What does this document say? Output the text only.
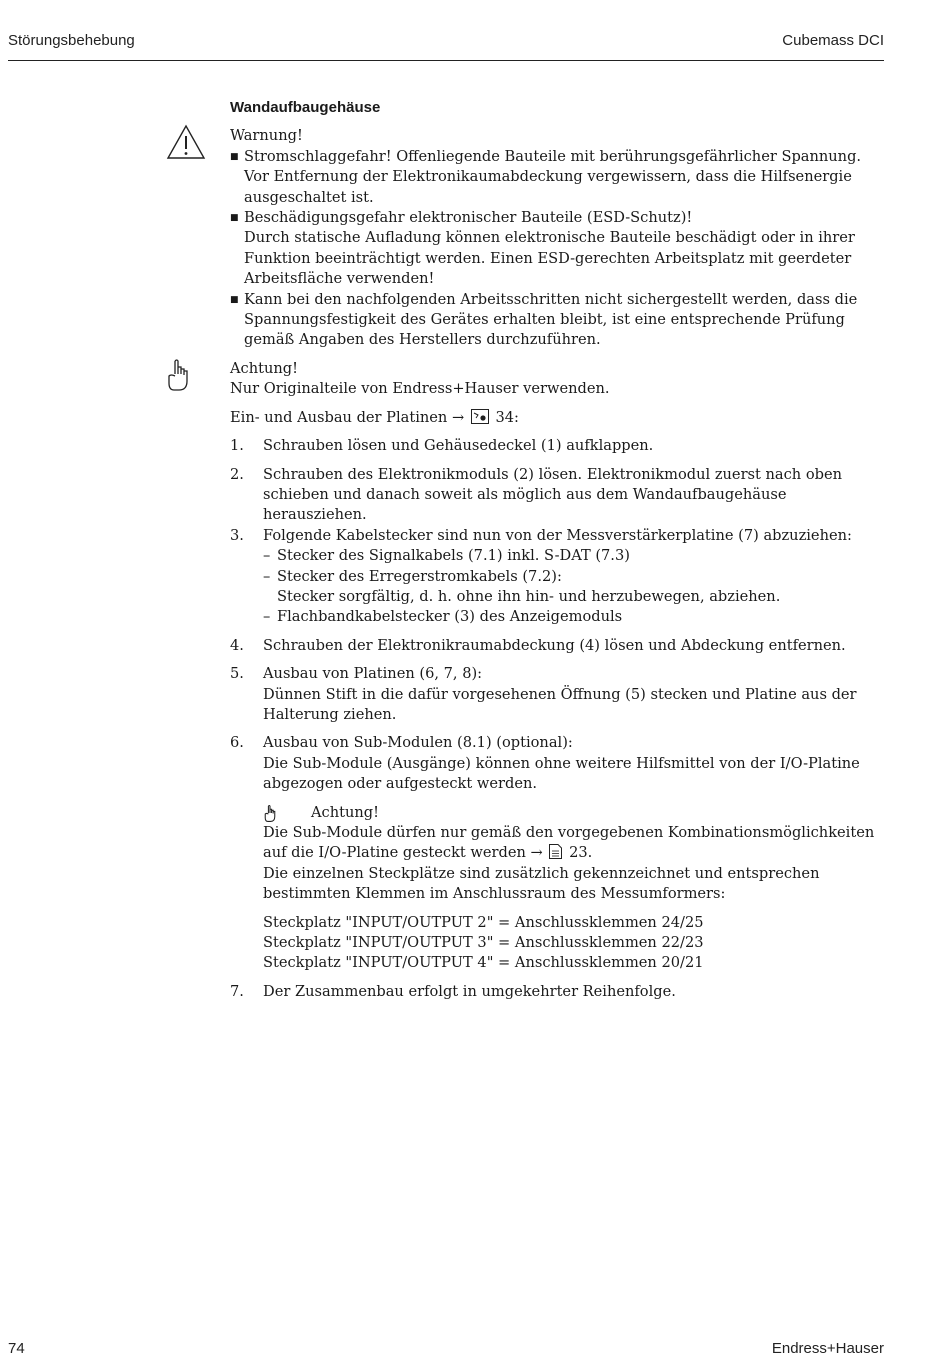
Störungsbehebung	Cubemass DCI
Wandaufbaugehäuse

Warnung!

■ Stromschlaggefahr! Offenliegende Bauteile mit berührungsgefährlicher Spannung.
Vor Entfernung der Elektronikaumabdeckung vergewissern, dass die Hilfsenergie ausgeschaltet ist.
■ Beschädigungsgefahr elektronischer Bauteile (ESD-Schutz)!
Durch statische Aufladung können elektronische Bauteile beschädigt oder in ihrer Funktion beeinträchtigt werden. Einen ESD-gerechten Arbeitsplatz mit geerdeter Arbeitsfläche verwenden!
■ Kann bei den nachfolgenden Arbeitsschritten nicht sichergestellt werden, dass die Spannungsfestigkeit des Gerätes erhalten bleibt, ist eine entsprechende Prüfung gemäß Angaben des Herstellers durchzuführen.

Achtung!

Nur Originalteile von Endress+Hauser verwenden.

Ein- und Ausbau der Platinen → 34:

1. Schrauben lösen und Gehäusedeckel (1) aufklappen.
2. Schrauben des Elektronikmoduls (2) lösen. Elektronikmodul zuerst nach oben schieben und danach soweit als möglich aus dem Wandaufbaugehäuse herausziehen.
3. Folgende Kabelstecker sind nun von der Messverstärkerplatine (7) abzuziehen:
– Stecker des Signalkabels (7.1) inkl. S-DAT (7.3)
– Stecker des Erregerstromkabels (7.2):
Stecker sorgfältig, d. h. ohne ihn hin- und herzubewegen, abziehen.
– Flachbandkabelstecker (3) des Anzeigemoduls
4. Schrauben der Elektronikraumabdeckung (4) lösen und Abdeckung entfernen.
5. Ausbau von Platinen (6, 7, 8):
Dünnen Stift in die dafür vorgesehenen Öffnung (5) stecken und Platine aus der Halterung ziehen.
6. Ausbau von Sub-Modulen (8.1) (optional):
Die Sub-Module (Ausgänge) können ohne weitere Hilfsmittel von der I/O-Platine abgezogen oder aufgesteckt werden.
Achtung!
Die Sub-Module dürfen nur gemäß den vorgegebenen Kombinationsmöglichkeiten auf die I/O-Platine gesteckt werden → 23.
Die einzelnen Steckplätze sind zusätzlich gekennzeichnet und entsprechen bestimmten Klemmen im Anschlussraum des Messumformers:
Steckplatz "INPUT/OUTPUT 2" = Anschlussklemmen 24/25
Steckplatz "INPUT/OUTPUT 3" = Anschlussklemmen 22/23
Steckplatz "INPUT/OUTPUT 4" = Anschlussklemmen 20/21
7. Der Zusammenbau erfolgt in umgekehrter Reihenfolge.
74	Endress+Hauser
